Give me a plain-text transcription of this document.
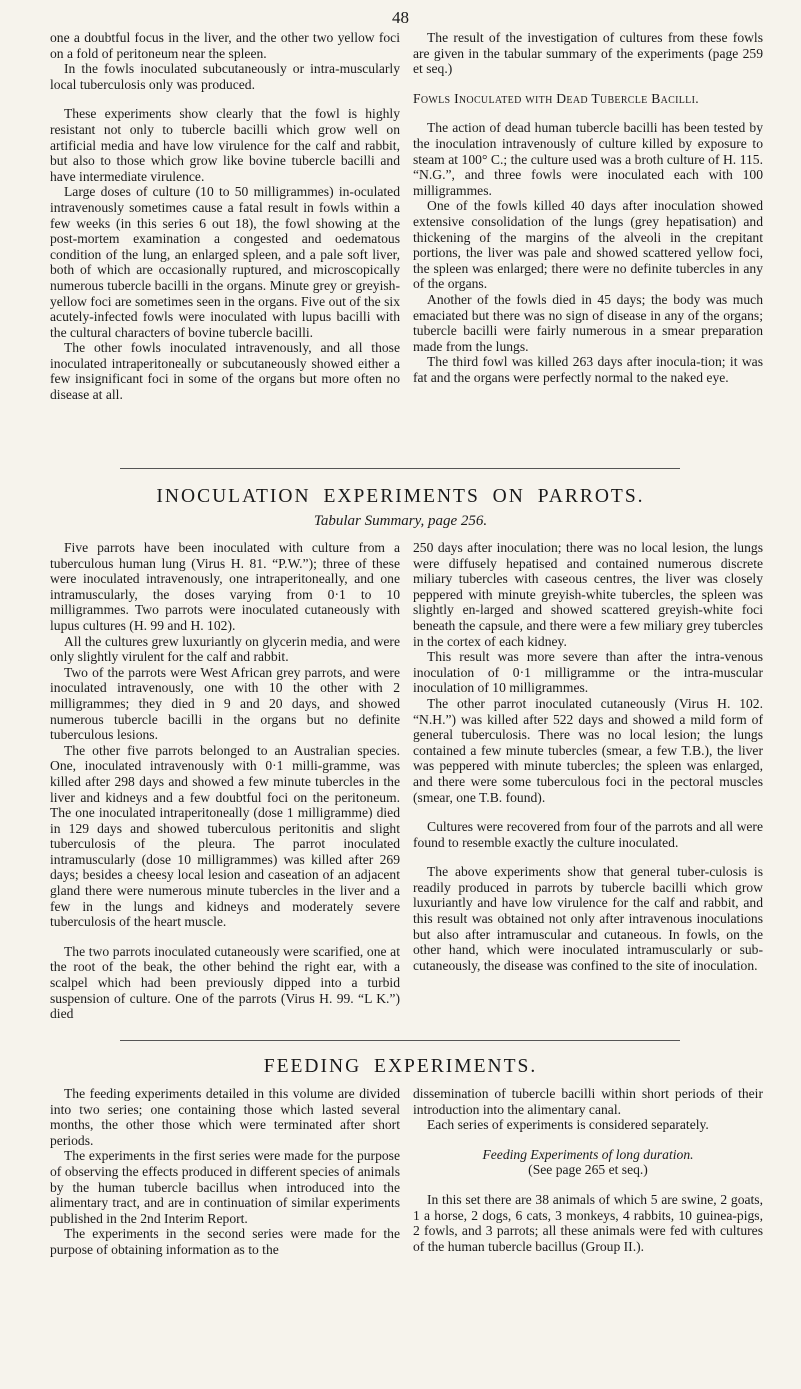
48

one a doubtful focus in the liver, and the other two yellow foci on a fold of peritoneum near the spleen.

In the fowls inoculated subcutaneously or intra-muscularly local tuberculosis only was produced.

These experiments show clearly that the fowl is highly resistant not only to tubercle bacilli which grow well on artificial media and have low virulence for the calf and rabbit, but also to those which grow like bovine tubercle bacilli and have intermediate virulence.

Large doses of culture (10 to 50 milligrammes) in-oculated intravenously sometimes cause a fatal result in fowls within a few weeks (in this series 6 out 18), the fowl showing at the post-mortem examination a congested and oedematous condition of the lung, an enlarged spleen, and a pale soft liver, both of which are occasionally ruptured, and microscopically numerous tubercle bacilli in the organs. Minute grey or greyish-yellow foci are sometimes seen in the organs. Five out of the six acutely-infected fowls were inoculated with lupus bacilli with the cultural characters of bovine tubercle bacilli.

The other fowls inoculated intravenously, and all those inoculated intraperitoneally or subcutaneously showed either a few insignificant foci in some of the organs but more often no disease at all.

The result of the investigation of cultures from these fowls are given in the tabular summary of the experiments (page 259 et seq.)

Fowls Inoculated with Dead Tubercle Bacilli.

The action of dead human tubercle bacilli has been tested by the inoculation intravenously of culture killed by exposure to steam at 100° C.; the culture used was a broth culture of H. 115. “N.G.”, and three fowls were inoculated each with 100 milligrammes.

One of the fowls killed 40 days after inoculation showed extensive consolidation of the lungs (grey hepatisation) and thickening of the margins of the alveoli in the crepitant portions, the liver was pale and showed scattered yellow foci, the spleen was enlarged; there were no definite tubercles in any of the organs.

Another of the fowls died in 45 days; the body was much emaciated but there was no sign of disease in any of the organs; tubercle bacilli were fairly numerous in a smear preparation made from the lungs.

The third fowl was killed 263 days after inocula-tion; it was fat and the organs were perfectly normal to the naked eye.

INOCULATION EXPERIMENTS ON PARROTS.
Tabular Summary, page 256.

Five parrots have been inoculated with culture from a tuberculous human lung (Virus H. 81. “P.W.”); three of these were inoculated intravenously, one intraperitoneally, and one intramuscularly, the doses varying from 0·1 to 10 milligrammes. Two parrots were inoculated cutaneously with lupus cultures (H. 99 and H. 102).

All the cultures grew luxuriantly on glycerin media, and were only slightly virulent for the calf and rabbit.

Two of the parrots were West African grey parrots, and were inoculated intravenously, one with 10 the other with 2 milligrammes; they died in 9 and 20 days, and showed numerous tubercle bacilli in the organs but no definite tuberculous lesions.

The other five parrots belonged to an Australian species. One, inoculated intravenously with 0·1 milli-gramme, was killed after 298 days and showed a few minute tubercles in the liver and kidneys and a few doubtful foci on the peritoneum. The one inoculated intraperitoneally (dose 1 milligramme) died in 129 days and showed tuberculous peritonitis and slight tuberculosis of the pleura. The parrot inoculated intramuscularly (dose 10 milligrammes) was killed after 269 days; besides a cheesy local lesion and caseation of an adjacent gland there were numerous minute tubercles in the liver and a few in the lungs and kidneys and moderately severe tuberculosis of the heart muscle.

The two parrots inoculated cutaneously were scarified, one at the root of the beak, the other behind the right ear, with a scalpel which had been previously dipped into a turbid suspension of culture. One of the parrots (Virus H. 99. “L K.”) died

250 days after inoculation; there was no local lesion, the lungs were diffusely hepatised and contained numerous discrete miliary tubercles with caseous centres, the liver was closely peppered with minute greyish-white tubercles, the spleen was slightly en-larged and showed scattered greyish-white foci beneath the capsule, and there were a few miliary grey tubercles in the cortex of each kidney.

This result was more severe than after the intra-venous inoculation of 0·1 milligramme or the intra-muscular inoculation of 10 milligrammes.

The other parrot inoculated cutaneously (Virus H. 102. “N.H.”) was killed after 522 days and showed a mild form of general tuberculosis. There was no local lesion; the lungs contained a few minute tubercles (smear, a few T.B.), the liver was peppered with minute tubercles; the spleen was enlarged, and there were some tuberculous foci in the pectoral muscles (smear, one T.B. found).

Cultures were recovered from four of the parrots and all were found to resemble exactly the culture inoculated.

The above experiments show that general tuber-culosis is readily produced in parrots by tubercle bacilli which grow luxuriantly and have low virulence for the calf and rabbit, and this result was obtained not only after intravenous inoculations but also after intramuscular and cutaneous. In fowls, on the other hand, which were inoculated intramuscularly or sub-cutaneously, the disease was confined to the site of inoculation.

FEEDING EXPERIMENTS.

The feeding experiments detailed in this volume are divided into two series; one containing those which lasted several months, the other those which were terminated after short periods.

The experiments in the first series were made for the purpose of observing the effects produced in different species of animals by the human tubercle bacillus when introduced into the alimentary tract, and are in continuation of similar experiments published in the 2nd Interim Report.

The experiments in the second series were made for the purpose of obtaining information as to the

dissemination of tubercle bacilli within short periods of their introduction into the alimentary canal.

Each series of experiments is considered separately.

Feeding Experiments of long duration.

(See page 265 et seq.)

In this set there are 38 animals of which 5 are swine, 2 goats, 1 a horse, 2 dogs, 6 cats, 3 monkeys, 4 rabbits, 10 guinea-pigs, 2 fowls, and 3 parrots; all these animals were fed with cultures of the human tubercle bacillus (Group II.).
